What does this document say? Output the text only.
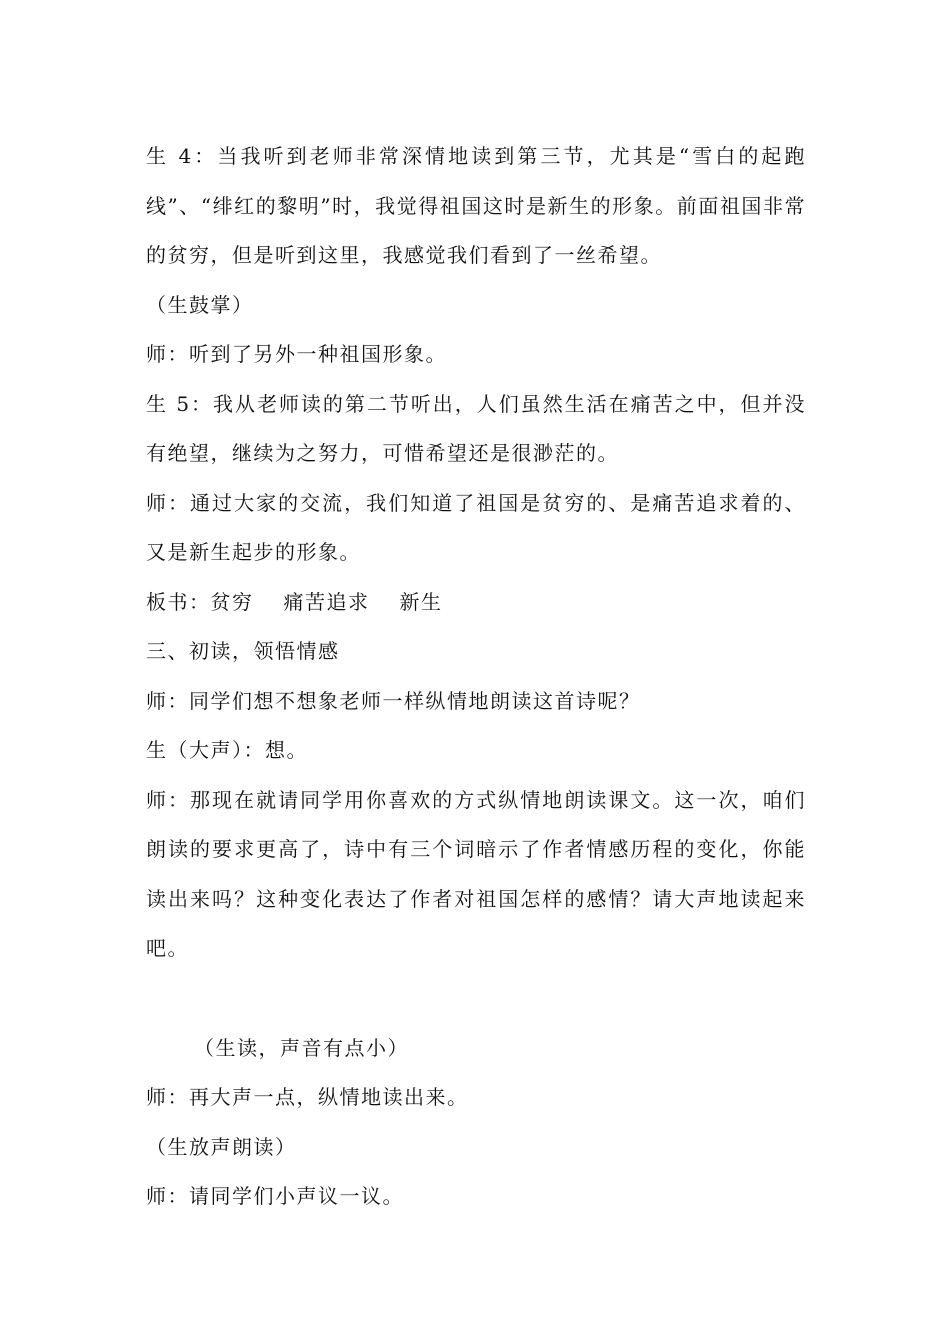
生 4：当我听到老师非常深情地读到第三节，尤其是“雪白的起跑线”、“绯红的黎明”时，我觉得祖国这时是新生的形象。前面祖国非常的贫穷，但是听到这里，我感觉我们看到了一丝希望。

（生鼓掌）

师：听到了另外一种祖国形象。

生 5：我从老师读的第二节听出，人们虽然生活在痛苦之中，但并没有绝望，继续为之努力，可惜希望还是很渺茫的。

师：通过大家的交流，我们知道了祖国是贫穷的、是痛苦追求着的、又是新生起步的形象。

板书：贫穷 痛苦追求 新生

三、初读，领悟情感

师：同学们想不想象老师一样纵情地朗读这首诗呢？

生（大声）：想。

师：那现在就请同学用你喜欢的方式纵情地朗读课文。这一次，咱们朗读的要求更高了，诗中有三个词暗示了作者情感历程的变化，你能读出来吗？这种变化表达了作者对祖国怎样的感情？请大声地读起来吧。

（生读，声音有点小）

师：再大声一点，纵情地读出来。

（生放声朗读）

师：请同学们小声议一议。
